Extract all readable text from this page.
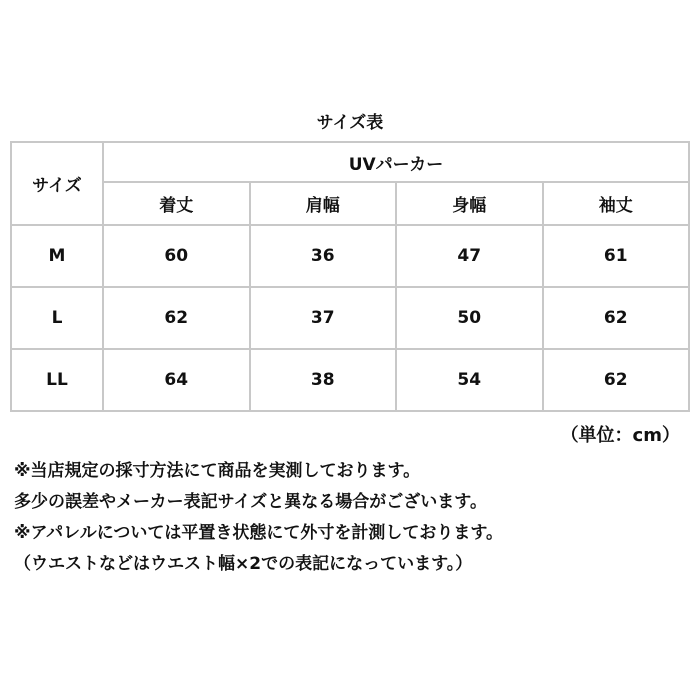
サイズ表
サイズ	UVパーカー			
	着丈	肩幅	身幅	袖丈
M	60	36	47	61
L	62	37	50	62
LL	64	38	54	62
（単位：cm）
※当店規定の採寸方法にて商品を実測しております。
多少の誤差やメーカー表記サイズと異なる場合がございます。
※アパレルについては平置き状態にて外寸を計測しております。
（ウエストなどはウエスト幅×2での表記になっています。）
